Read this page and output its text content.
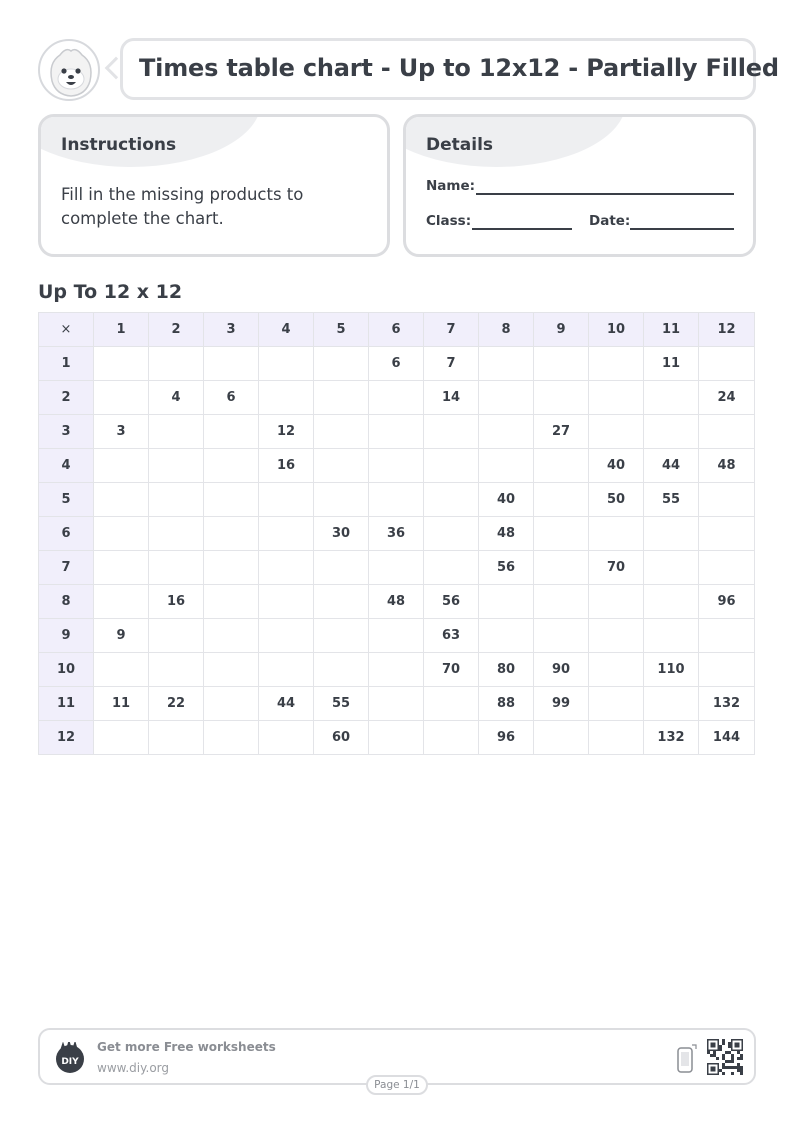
Times table chart - Up to 12x12 - Partially Filled
Instructions
Fill in the missing products to complete the chart.
Details
Name:
Class:	Date:
Up To 12 x 12
×	1	2	3	4	5	6	7	8	9	10	11	12
1						6	7				11	
2		4	6				14					24
3	3			12					27			
4				16						40	44	48
5								40		50	55	
6					30	36		48				
7								56		70		
8		16				48	56					96
9	9						63					
10							70	80	90		110	
11	11	22		44	55			88	99			132
12					60			96			132	144
DIY
Get more Free worksheets
www.diy.org
Page 1/1
